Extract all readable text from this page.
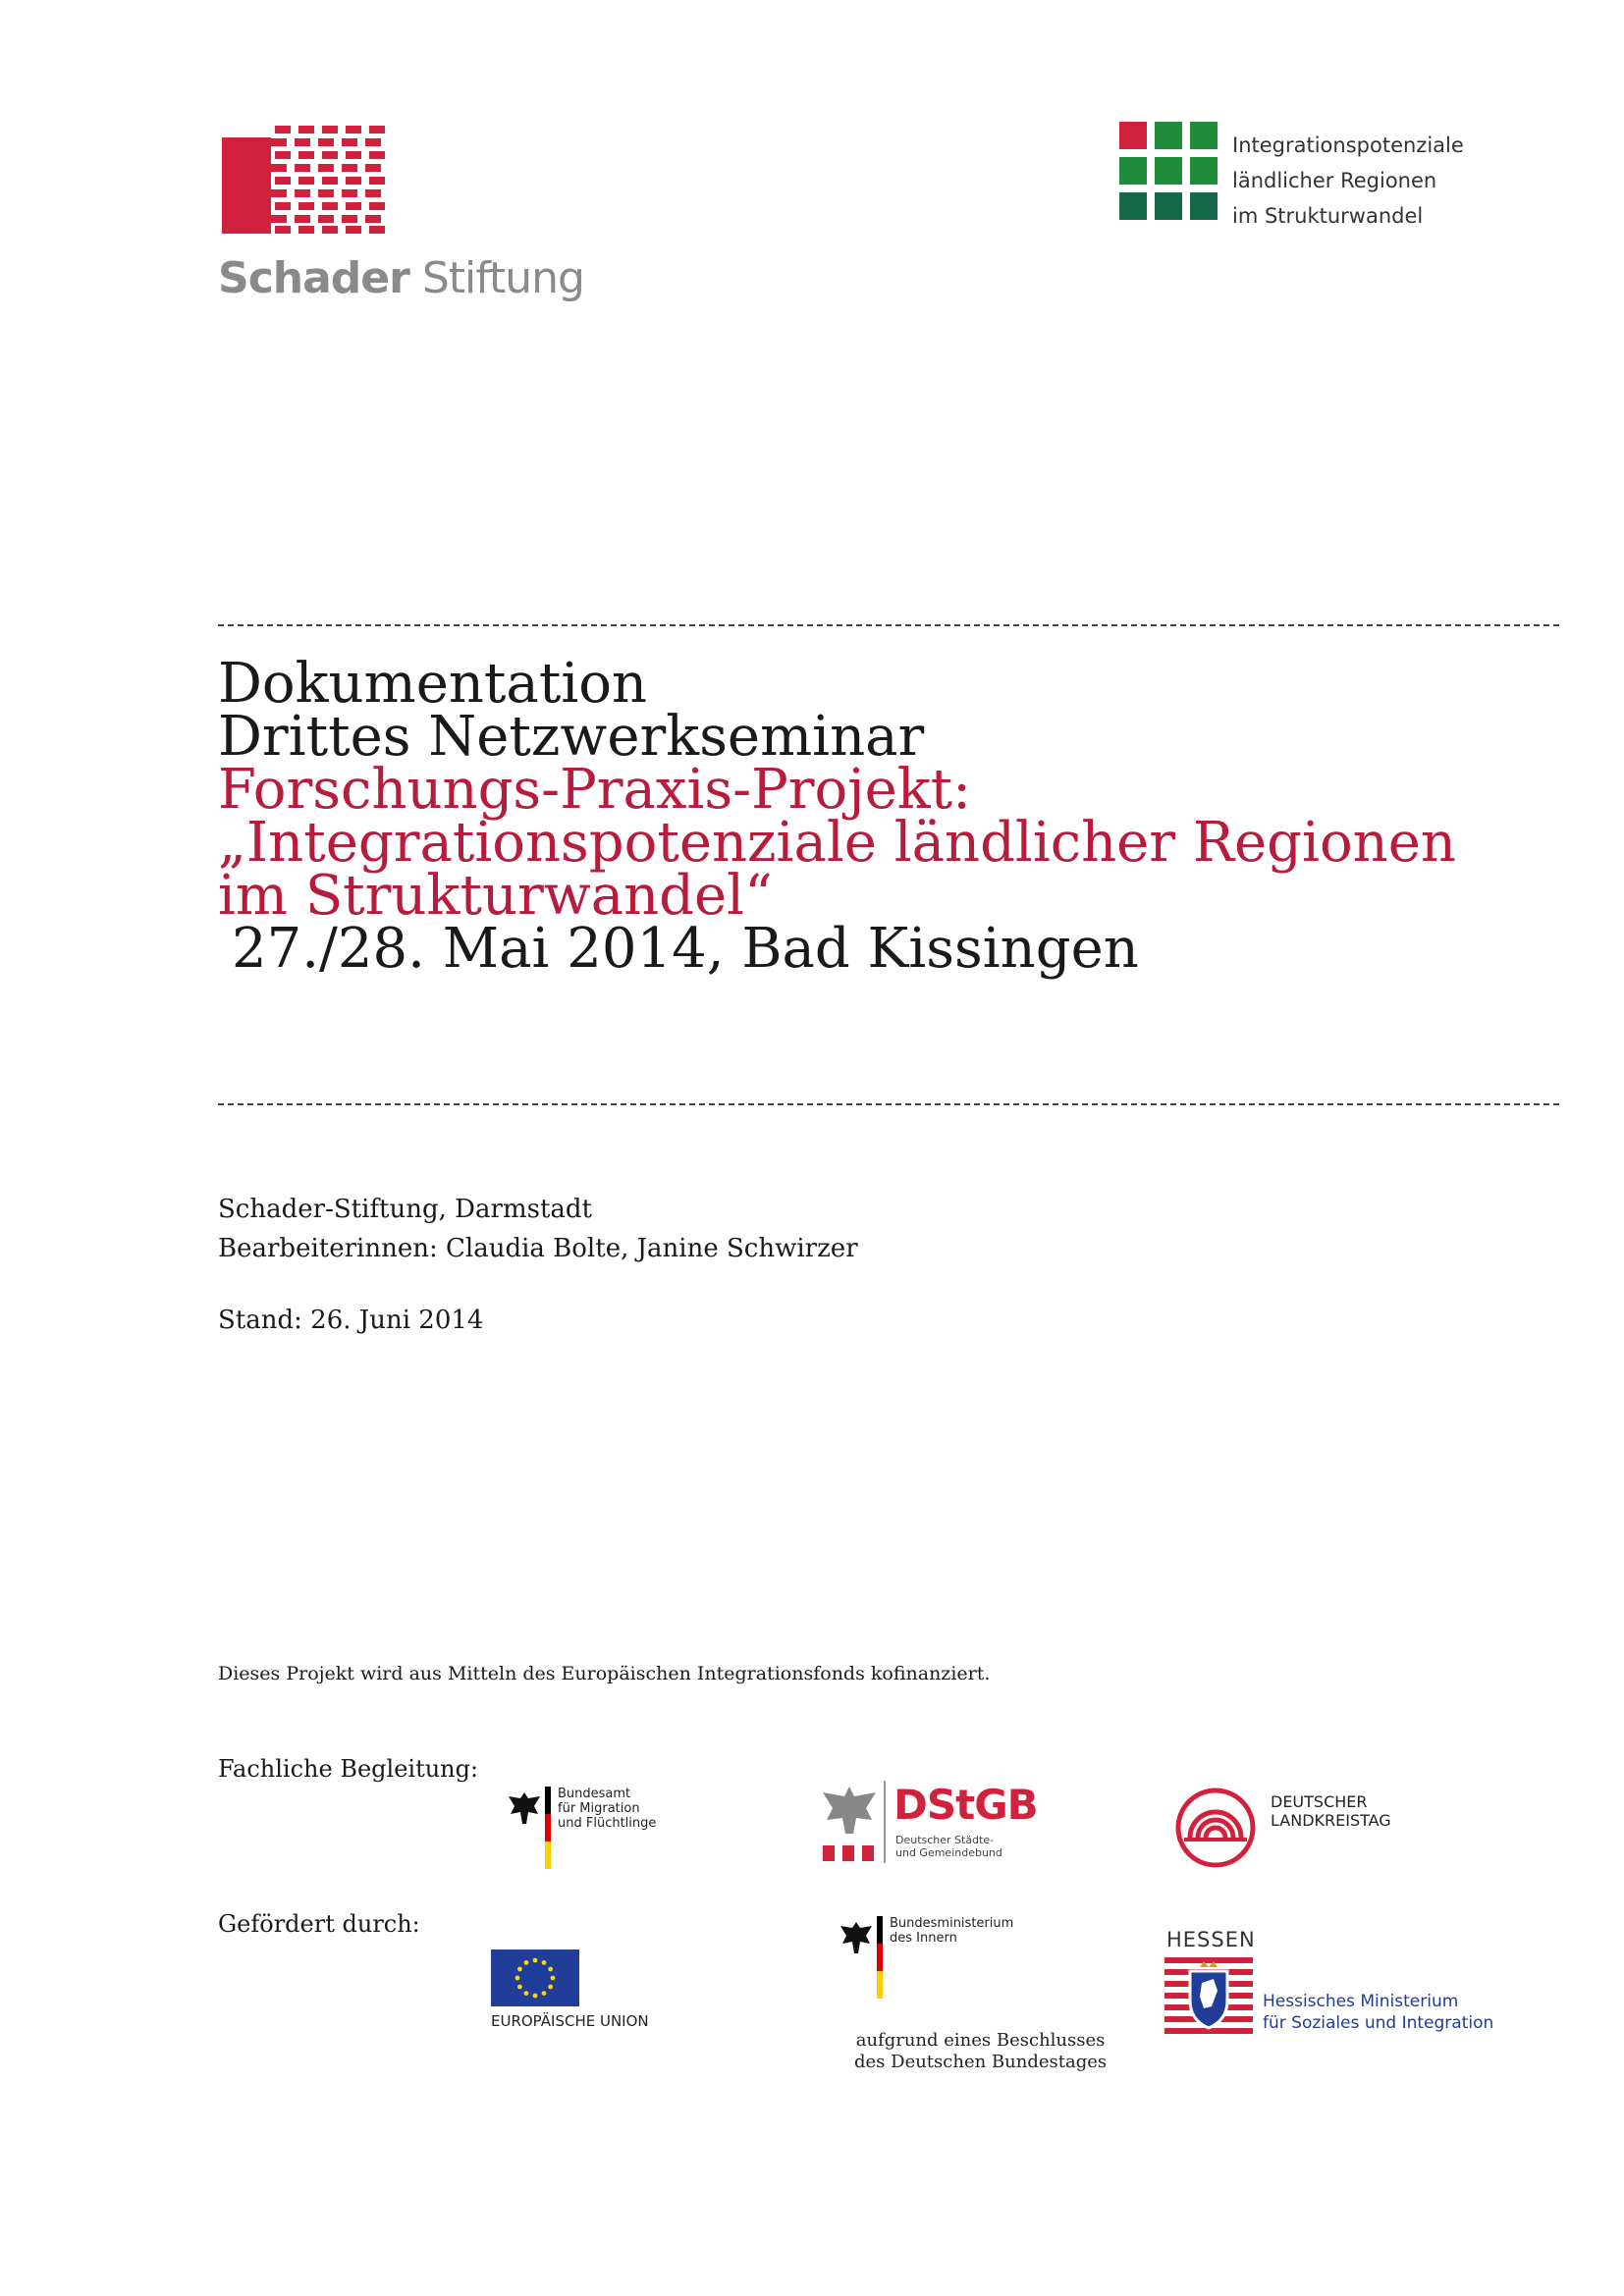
Schader Stiftung
Integrationspotenziale
ländlicher Regionen
im Strukturwandel
Dokumentation
Drittes Netzwerkseminar
Forschungs-Praxis-Projekt:
„Integrationspotenziale ländlicher Regionen
im Strukturwandel“
27./28. Mai 2014, Bad Kissingen
Schader-Stiftung, Darmstadt
Bearbeiterinnen: Claudia Bolte, Janine Schwirzer
Stand: 26. Juni 2014
Dieses Projekt wird aus Mitteln des Europäischen Integrationsfonds kofinanziert.
Fachliche Begleitung:
Gefördert durch:
Bundesamt
für Migration
und Flüchtlinge	DStGB
Deutscher Städte-
und Gemeindebund
DEUTSCHER
LANDKREISTAG
EUROPÄISCHE UNION
Bundesministerium
des Innern
aufgrund eines Beschlusses
des Deutschen Bundestages
HESSEN
Hessisches Ministerium
für Soziales und Integration
